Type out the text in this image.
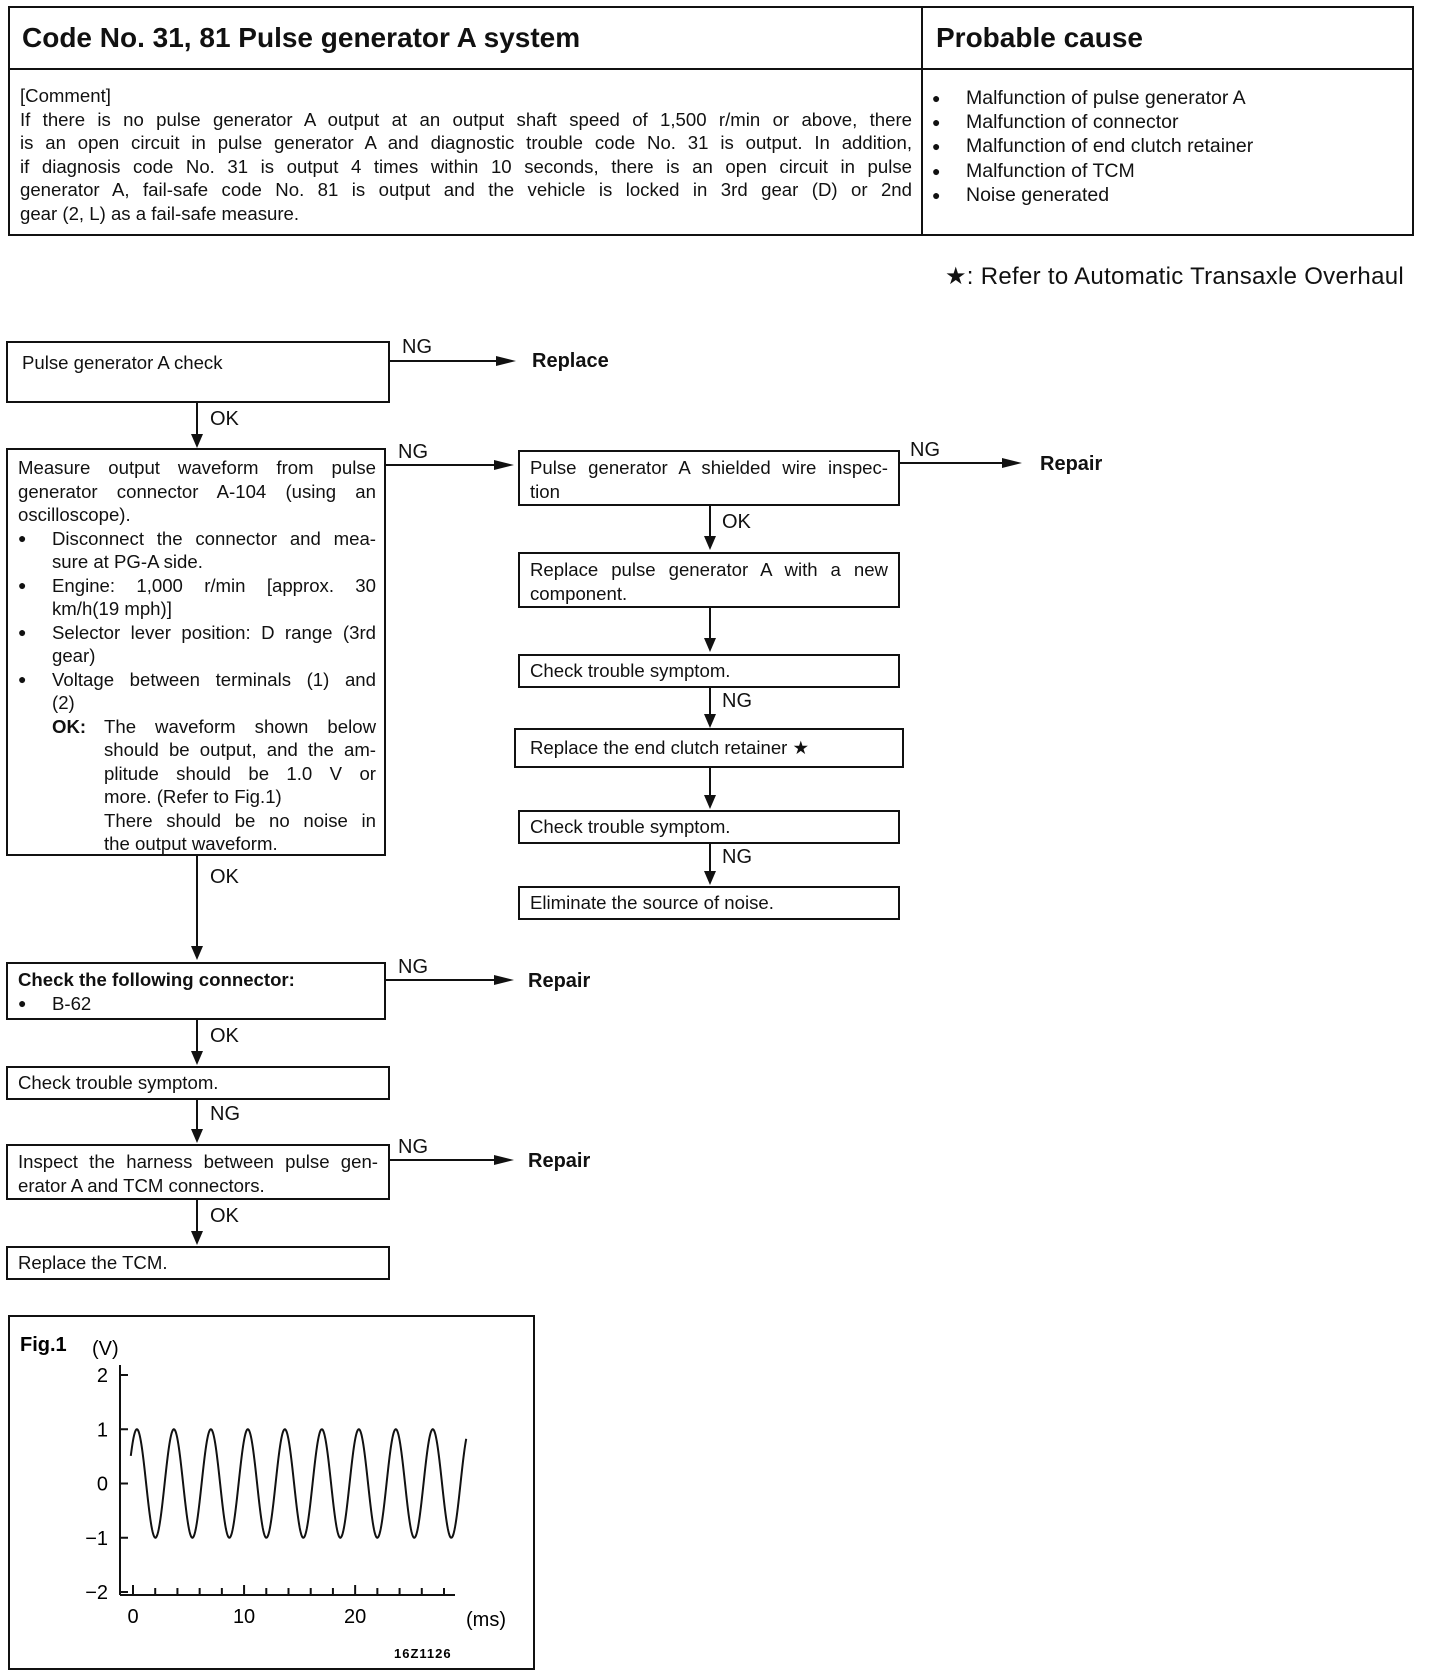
Code No. 31, 81 Pulse generator A system	Probable cause
[Comment]
If there is no pulse generator A output at an output shaft speed of 1,500 r/min or above, there
is an open circuit in pulse generator A and diagnostic trouble code No. 31 is output. In addition,
if diagnosis code No. 31 is output 4 times within 10 seconds, there is an open circuit in pulse
generator A, fail-safe code No. 81 is output and the vehicle is locked in 3rd gear (D) or 2nd
gear (2, L) as a fail-safe measure.
●	Malfunction of pulse generator A
●	Malfunction of connector
●	Malfunction of end clutch retainer
●	Malfunction of TCM
●	Noise generated
★: Refer to Automatic Transaxle Overhaul
Pulse generator A check
NG
Replace
OK
Measure output waveform from pulse
generator connector A-104 (using an
oscilloscope).
●	Disconnect the connector and mea-
sure at PG-A side.
●	Engine: 1,000 r/min [approx. 30
km/h(19 mph)]
●	Selector lever position: D range (3rd
gear)
●	Voltage between terminals (1) and
(2)
OK: The waveform shown below
should be output, and the am-
plitude should be 1.0 V or
more. (Refer to Fig.1)
There should be no noise in
the output waveform.
NG
Pulse generator A shielded wire inspec-
tion
NG
Repair
OK
Replace pulse generator A with a new
component.
Check trouble symptom.
NG
Replace the end clutch retainer ★
Check trouble symptom.
NG
Eliminate the source of noise.
OK
Check the following connector:
●	B-62
NG
Repair
OK
Check trouble symptom.
NG
Inspect the harness between pulse gen-
erator A and TCM connectors.
NG
Repair
OK
Replace the TCM.
Fig.1 (V)
(ms)
16Z1126
2
1
0
−1
−2
0	10	20
